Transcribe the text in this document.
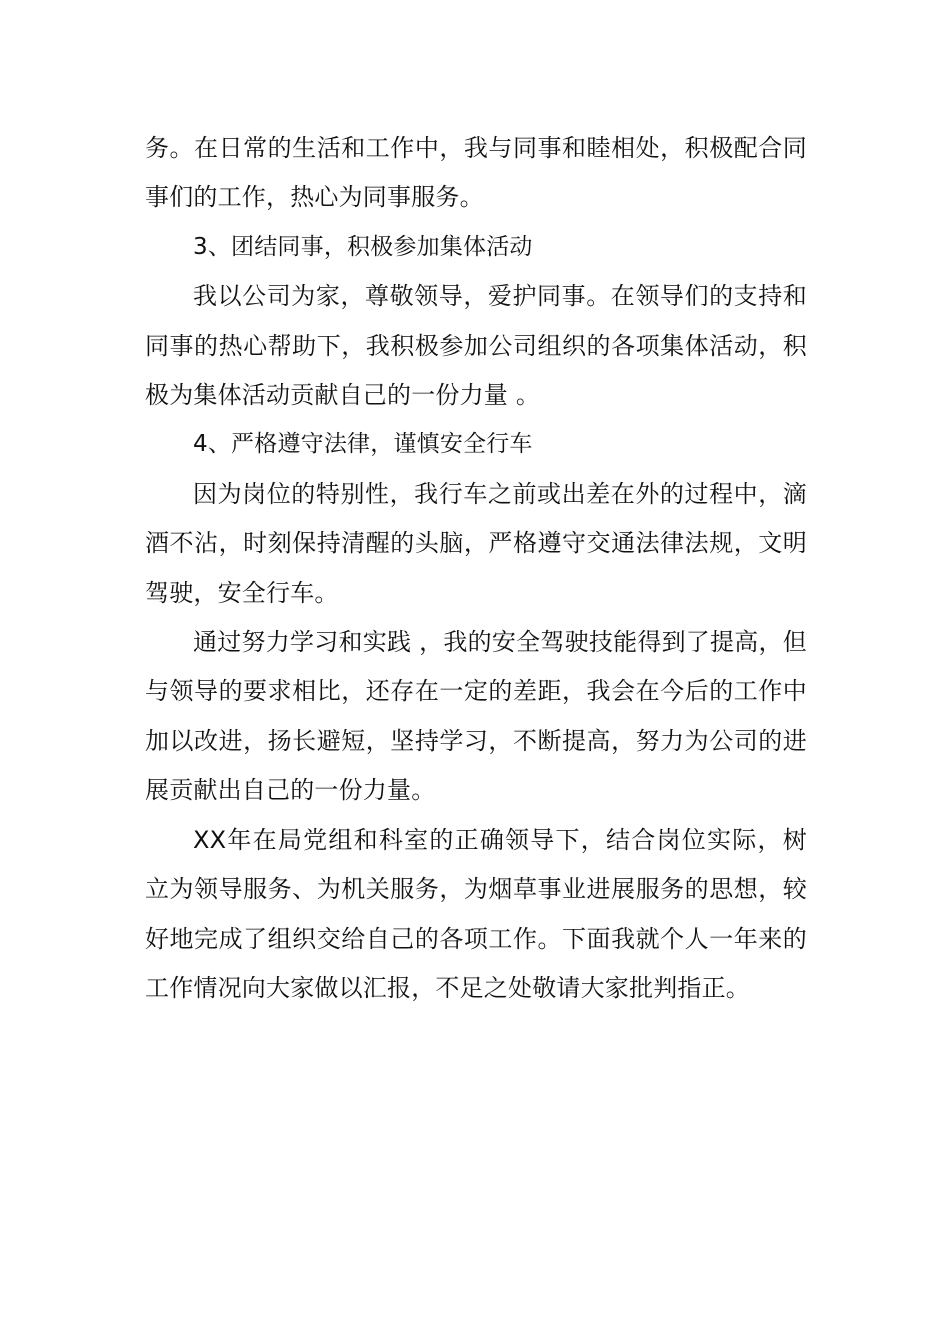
务。在日常的生活和工作中，我与同事和睦相处，积极配合同事们的工作，热心为同事服务。

3、团结同事，积极参加集体活动

我以公司为家，尊敬领导，爱护同事。在领导们的支持和同事的热心帮助下，我积极参加公司组织的各项集体活动，积极为集体活动贡献自己的一份力量 。

4、严格遵守法律，谨慎安全行车

因为岗位的特别性，我行车之前或出差在外的过程中，滴酒不沾，时刻保持清醒的头脑，严格遵守交通法律法规，文明驾驶，安全行车。

通过努力学习和实践 ，我的安全驾驶技能得到了提高，但与领导的要求相比，还存在一定的差距，我会在今后的工作中加以改进，扬长避短，坚持学习，不断提高，努力为公司的进展贡献出自己的一份力量。

XX年在局党组和科室的正确领导下，结合岗位实际，树立为领导服务、为机关服务，为烟草事业进展服务的思想，较好地完成了组织交给自己的各项工作。下面我就个人一年来的工作情况向大家做以汇报，不足之处敬请大家批判指正。
